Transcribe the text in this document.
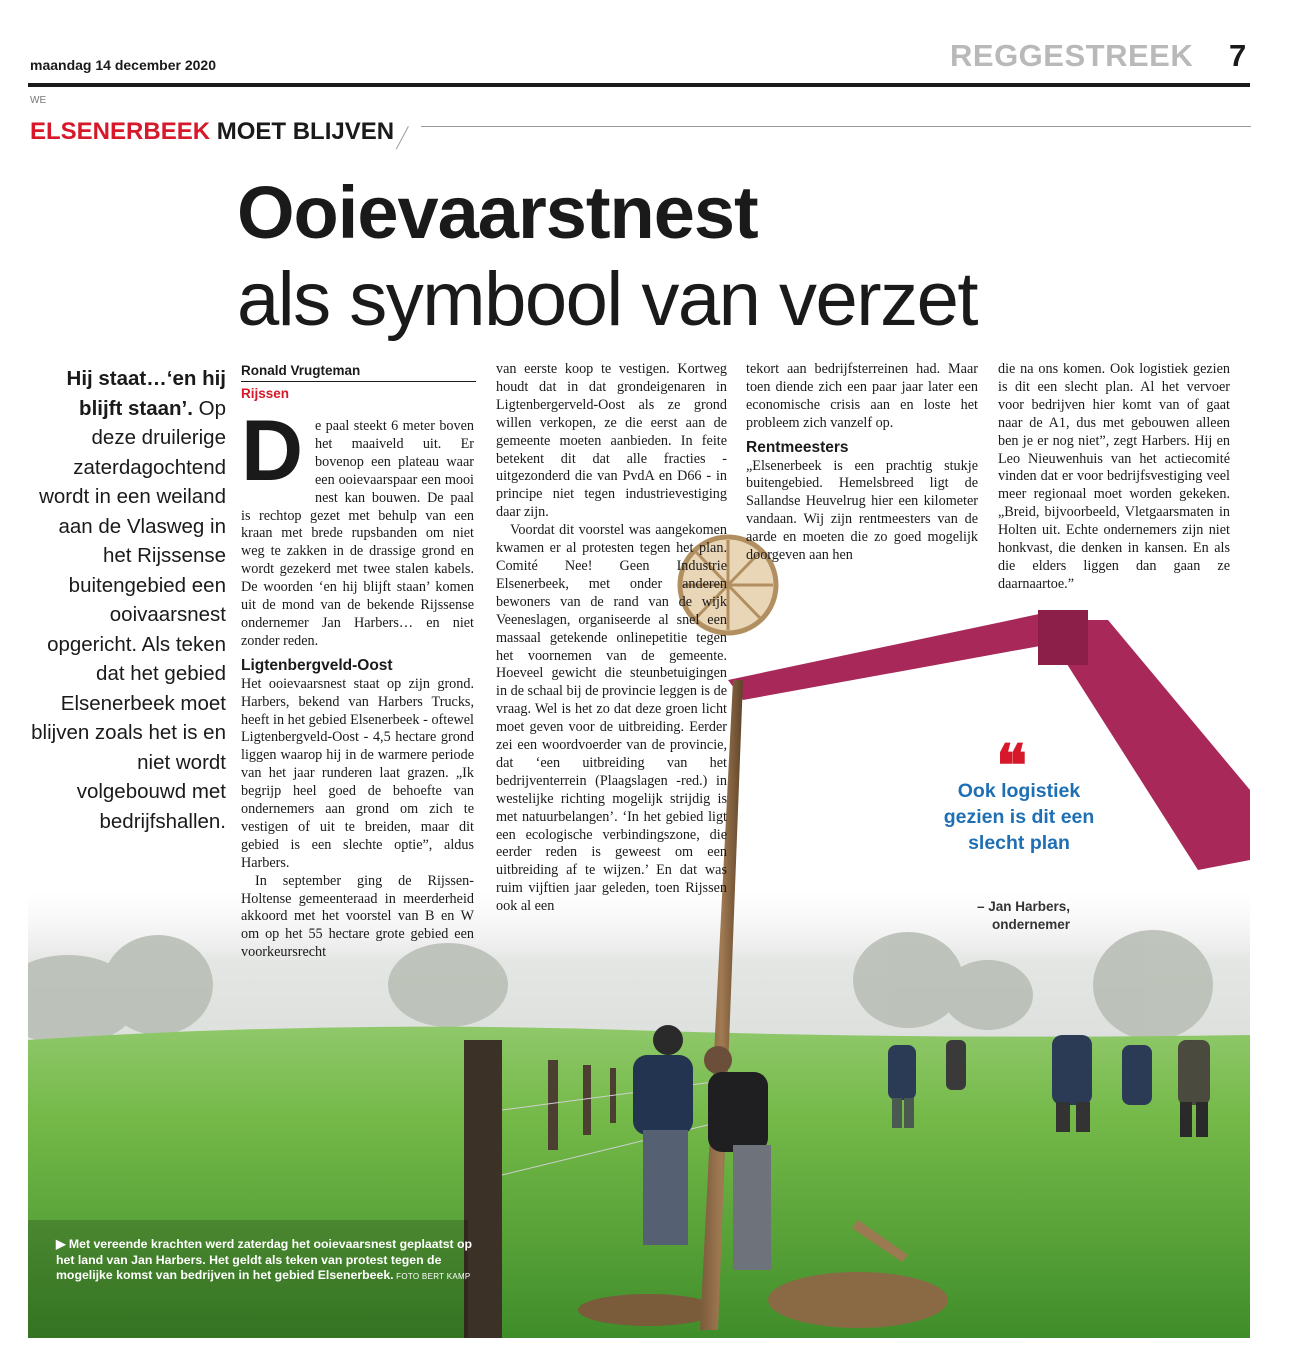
maandag 14 december 2020	REGGESTREEK 7
WE
ELSENERBEEK MOET BLIJVEN
Ooievaarstnest
als symbool van verzet
Hij staat…‘en hij blijft staan’. Op deze druilerige zaterdagochtend wordt in een weiland aan de Vlasweg in het Rijssense buitengebied een ooivaarsnest opgericht. Als teken dat het gebied Elsenerbeek moet blijven zoals het is en niet wordt volgebouwd met bedrijfshallen.
Ronald Vrugteman
Rijssen
De paal steekt 6 meter boven het maaiveld uit. Er bovenop een plateau waar een ooievaarspaar een mooi nest kan bouwen. De paal is rechtop gezet met behulp van een kraan met brede rupsbanden om niet weg te zakken in de drassige grond en wordt gezekerd met twee stalen kabels. De woorden ‘en hij blijft staan’ komen uit de mond van de bekende Rijssense ondernemer Jan Harbers… en niet zonder reden.
Ligtenbergveld-Oost
Het ooievaarsnest staat op zijn grond. Harbers, bekend van Harbers Trucks, heeft in het gebied Elsenerbeek - oftewel Ligtenbergveld-Oost - 4,5 hectare grond liggen waarop hij in de warmere periode van het jaar runderen laat grazen. „Ik begrijp heel goed de behoefte van ondernemers aan grond om zich te vestigen of uit te breiden, maar dit gebied is een slechte optie”, aldus Harbers.
In september ging de Rijssen-Holtense gemeenteraad in meerderheid akkoord met het voorstel van B en W om op het 55 hectare grote gebied een voorkeursrecht
van eerste koop te vestigen. Kortweg houdt dat in dat grondeigenaren in Ligtenbergerveld-Oost als ze grond willen verkopen, ze die eerst aan de gemeente moeten aanbieden. In feite betekent dit dat alle fracties - uitgezonderd die van PvdA en D66 - in principe niet tegen industrievestiging daar zijn.
Voordat dit voorstel was aangekomen kwamen er al protesten tegen het plan. Comité Nee! Geen Industrie Elsenerbeek, met onder anderen bewoners van de rand van de wijk Veeneslagen, organiseerde al snel een massaal getekende onlinepetitie tegen het voornemen van de gemeente. Hoeveel gewicht die steunbetuigingen in de schaal bij de provincie leggen is de vraag. Wel is het zo dat deze groen licht moet geven voor de uitbreiding. Eerder zei een woordvoerder van de provincie, dat ‘een uitbreiding van het bedrijventerrein (Plaagslagen -red.) in westelijke richting mogelijk strijdig is met natuurbelangen’. ‘In het gebied ligt een ecologische verbindingszone, die eerder reden is geweest om een uitbreiding af te wijzen.’ En dat was ruim vijftien jaar geleden, toen Rijssen ook al een
tekort aan bedrijfsterreinen had. Maar toen diende zich een paar jaar later een economische crisis aan en loste het probleem zich vanzelf op.
Rentmeesters
„Elsenerbeek is een prachtig stukje buitengebied. Hemelsbreed ligt de Sallandse Heuvelrug hier een kilometer vandaan. Wij zijn rentmeesters van de aarde en moeten die zo goed mogelijk doorgeven aan hen
die na ons komen. Ook logistiek gezien is dit een slecht plan. Al het vervoer voor bedrijven hier komt van of gaat naar de A1, dus met gebouwen alleen ben je er nog niet”, zegt Harbers. Hij en Leo Nieuwenhuis van het actiecomité vinden dat er voor bedrijfsvestiging veel meer regionaal moet worden gekeken. „Breid, bijvoorbeeld, Vletgaarsmaten in Holten uit. Echte ondernemers zijn niet honkvast, die denken in kansen. En als die elders liggen dan gaan ze daarnaartoe.”
❝
Ook logistiek gezien is dit een slecht plan
– Jan Harbers,
ondernemer
▶ Met vereende krachten werd zaterdag het ooievaarsnest geplaatst op het land van Jan Harbers. Het geldt als teken van protest tegen de mogelijke komst van bedrijven in het gebied Elsenerbeek. FOTO BERT KAMP
